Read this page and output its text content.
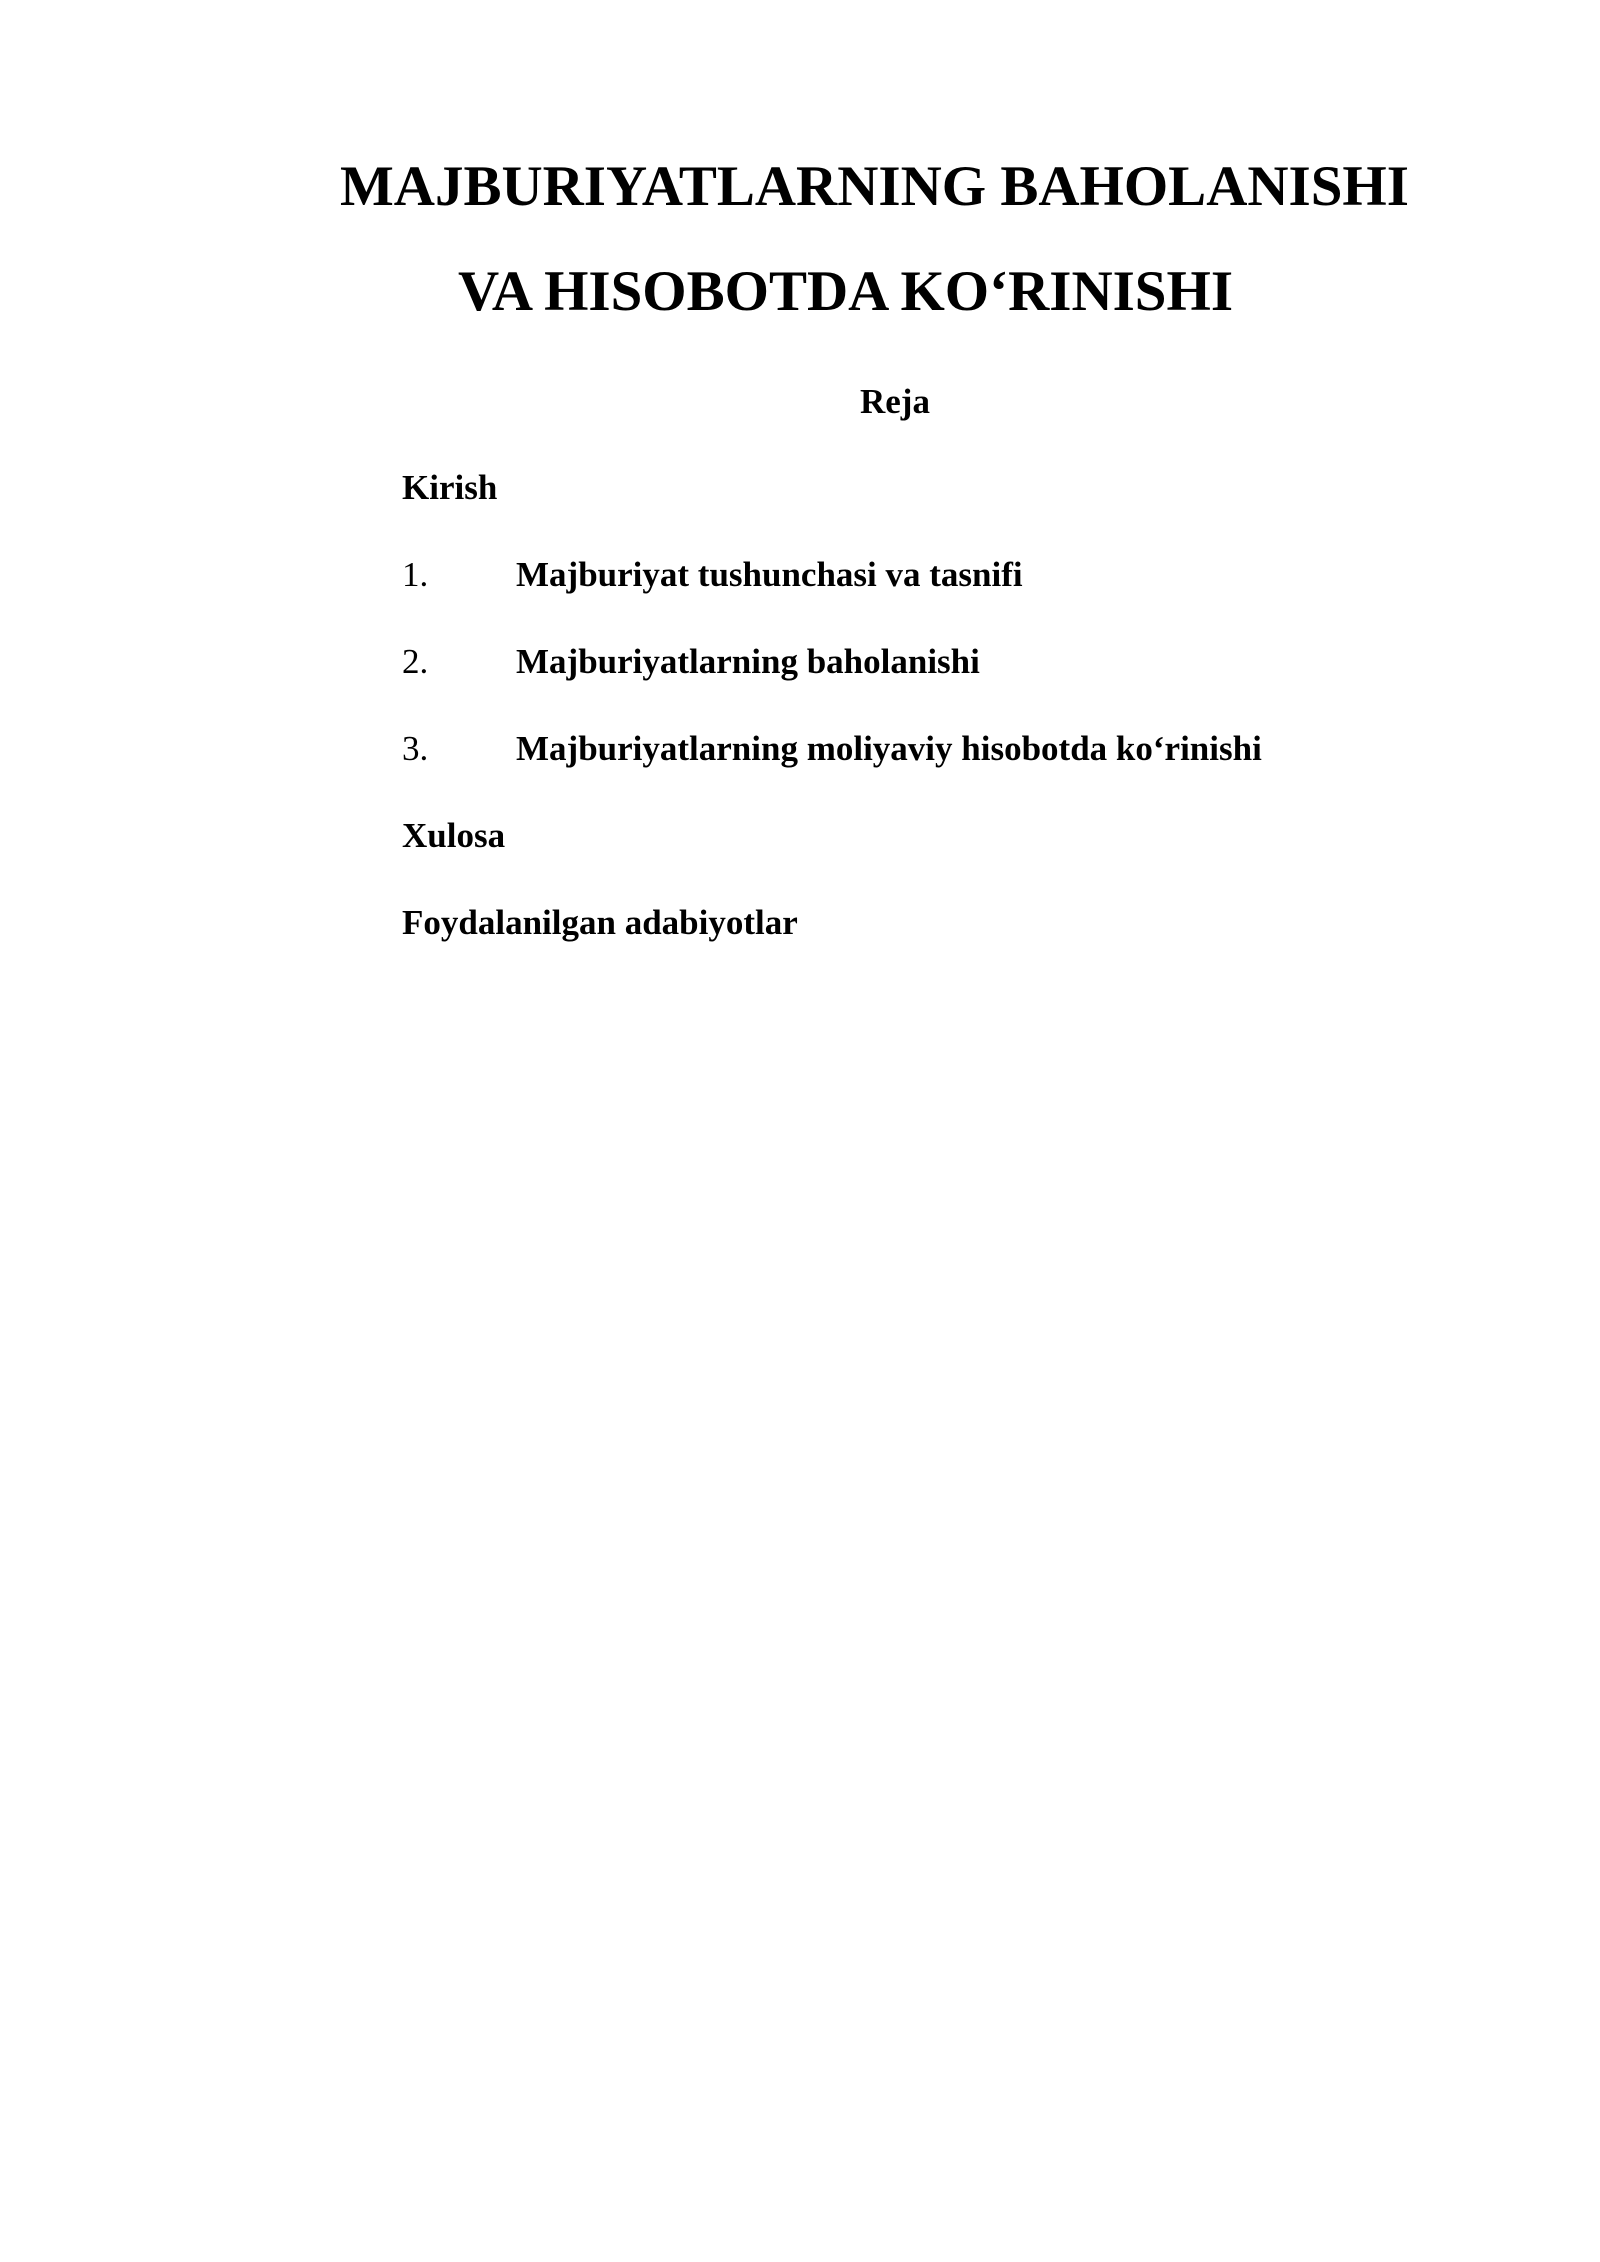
MAJBURIYATLARNING BAHOLANISHI
VA HISOBOTDA KO‘RINISHI
Reja
Kirish
1.	Majburiyat tushunchasi va tasnifi
2.	Majburiyatlarning baholanishi
3.	Majburiyatlarning moliyaviy hisobotda ko‘rinishi
Xulosa
Foydalanilgan adabiyotlar
